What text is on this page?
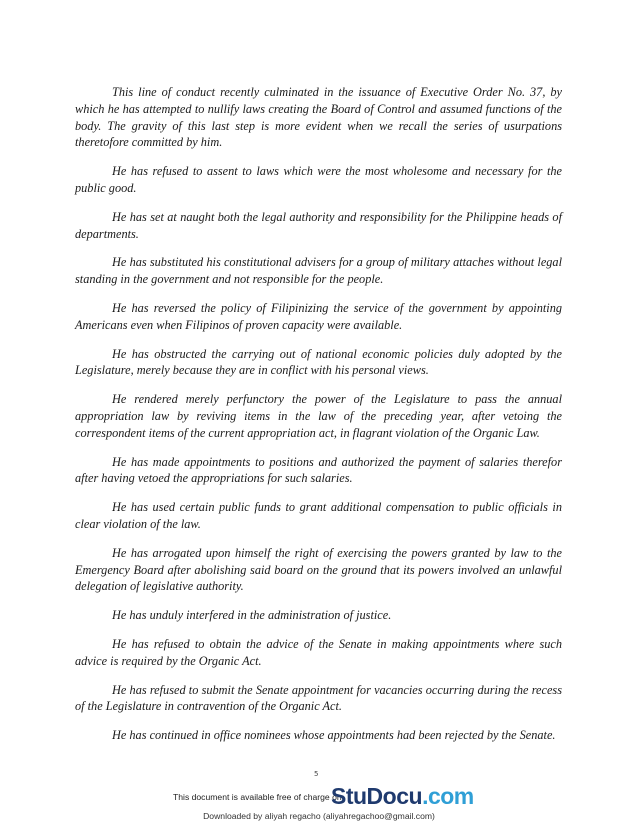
This line of conduct recently culminated in the issuance of Executive Order No. 37, by which he has attempted to nullify laws creating the Board of Control and assumed functions of the body. The gravity of this last step is more evident when we recall the series of usurpations theretofore committed by him.

He has refused to assent to laws which were the most wholesome and necessary for the public good.

He has set at naught both the legal authority and responsibility for the Philippine heads of departments.

He has substituted his constitutional advisers for a group of military attaches without legal standing in the government and not responsible for the people.

He has reversed the policy of Filipinizing the service of the government by appointing Americans even when Filipinos of proven capacity were available.

He has obstructed the carrying out of national economic policies duly adopted by the Legislature, merely because they are in conflict with his personal views.

He rendered merely perfunctory the power of the Legislature to pass the annual appropriation law by reviving items in the law of the preceding year, after vetoing the correspondent items of the current appropriation act, in flagrant violation of the Organic Law.

He has made appointments to positions and authorized the payment of salaries therefor after having vetoed the appropriations for such salaries.

He has used certain public funds to grant additional compensation to public officials in clear violation of the law.

He has arrogated upon himself the right of exercising the powers granted by law to the Emergency Board after abolishing said board on the ground that its powers involved an unlawful delegation of legislative authority.

He has unduly interfered in the administration of justice.

He has refused to obtain the advice of the Senate in making appointments where such advice is required by the Organic Act.

He has refused to submit the Senate appointment for vacancies occurring during the recess of the Legislature in contravention of the Organic Act.

He has continued in office nominees whose appointments had been rejected by the Senate.

5
This document is available free of charge on
StuDocu.com
Downloaded by aliyah regacho (aliyahregachoo@gmail.com)
